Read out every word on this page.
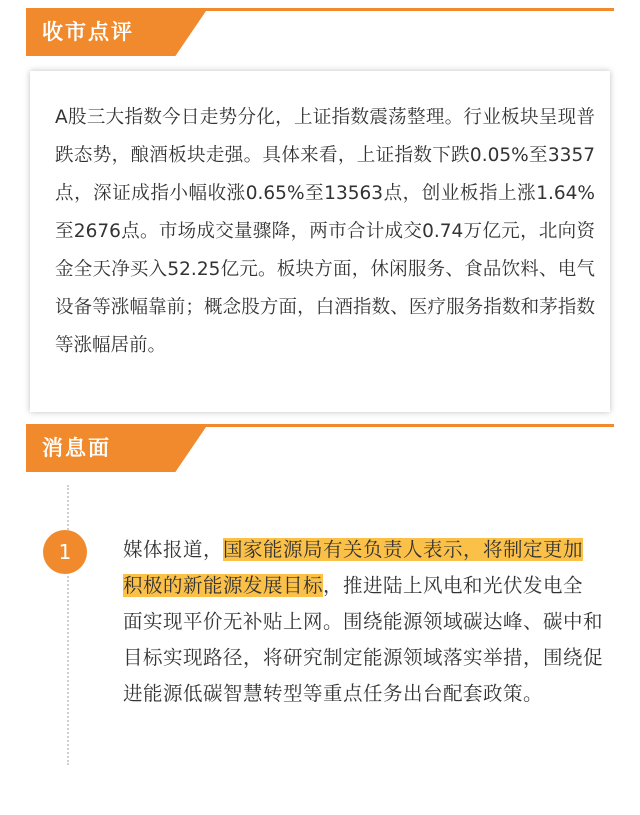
收市点评
A股三大指数今日走势分化，上证指数震荡整理。行业板块呈现普跌态势，酿酒板块走强。具体来看，上证指数下跌0.05%至3357点，深证成指小幅收涨0.65%至13563点，创业板指上涨1.64%至2676点。市场成交量骤降，两市合计成交0.74万亿元，北向资金全天净买入52.25亿元。板块方面，休闲服务、食品饮料、电气设备等涨幅靠前；概念股方面，白酒指数、医疗服务指数和茅指数等涨幅居前。
消息面
1	媒体报道，国家能源局有关负责人表示，将制定更加积极的新能源发展目标，推进陆上风电和光伏发电全面实现平价无补贴上网。围绕能源领域碳达峰、碳中和目标实现路径，将研究制定能源领域落实举措，围绕促进能源低碳智慧转型等重点任务出台配套政策。
